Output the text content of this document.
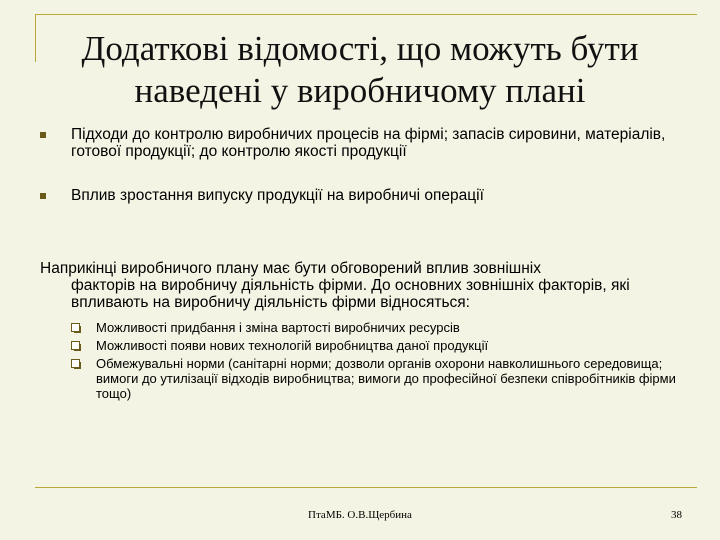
Додаткові відомості, що можуть бути
наведені у виробничому плані
Підходи до контролю виробничих процесів на фірмі; запасів сировини, матеріалів, готової продукції; до контролю якості продукції
Вплив зростання випуску продукції на виробничі операції
Наприкінці виробничого плану має бути обговорений вплив зовнішніх
факторів на виробничу діяльність фірми. До основних зовнішніх факторів, які впливають на виробничу діяльність фірми відносяться:
Можливості придбання і зміна вартості виробничих ресурсів
Можливості появи нових технологій виробництва даної продукції
Обмежувальні норми (санітарні норми; дозволи органів охорони навколишнього середовища; вимоги до утилізації відходів виробництва; вимоги до професійної безпеки співробітників фірми тощо)
ПтаМБ. О.В.Щербина	38
